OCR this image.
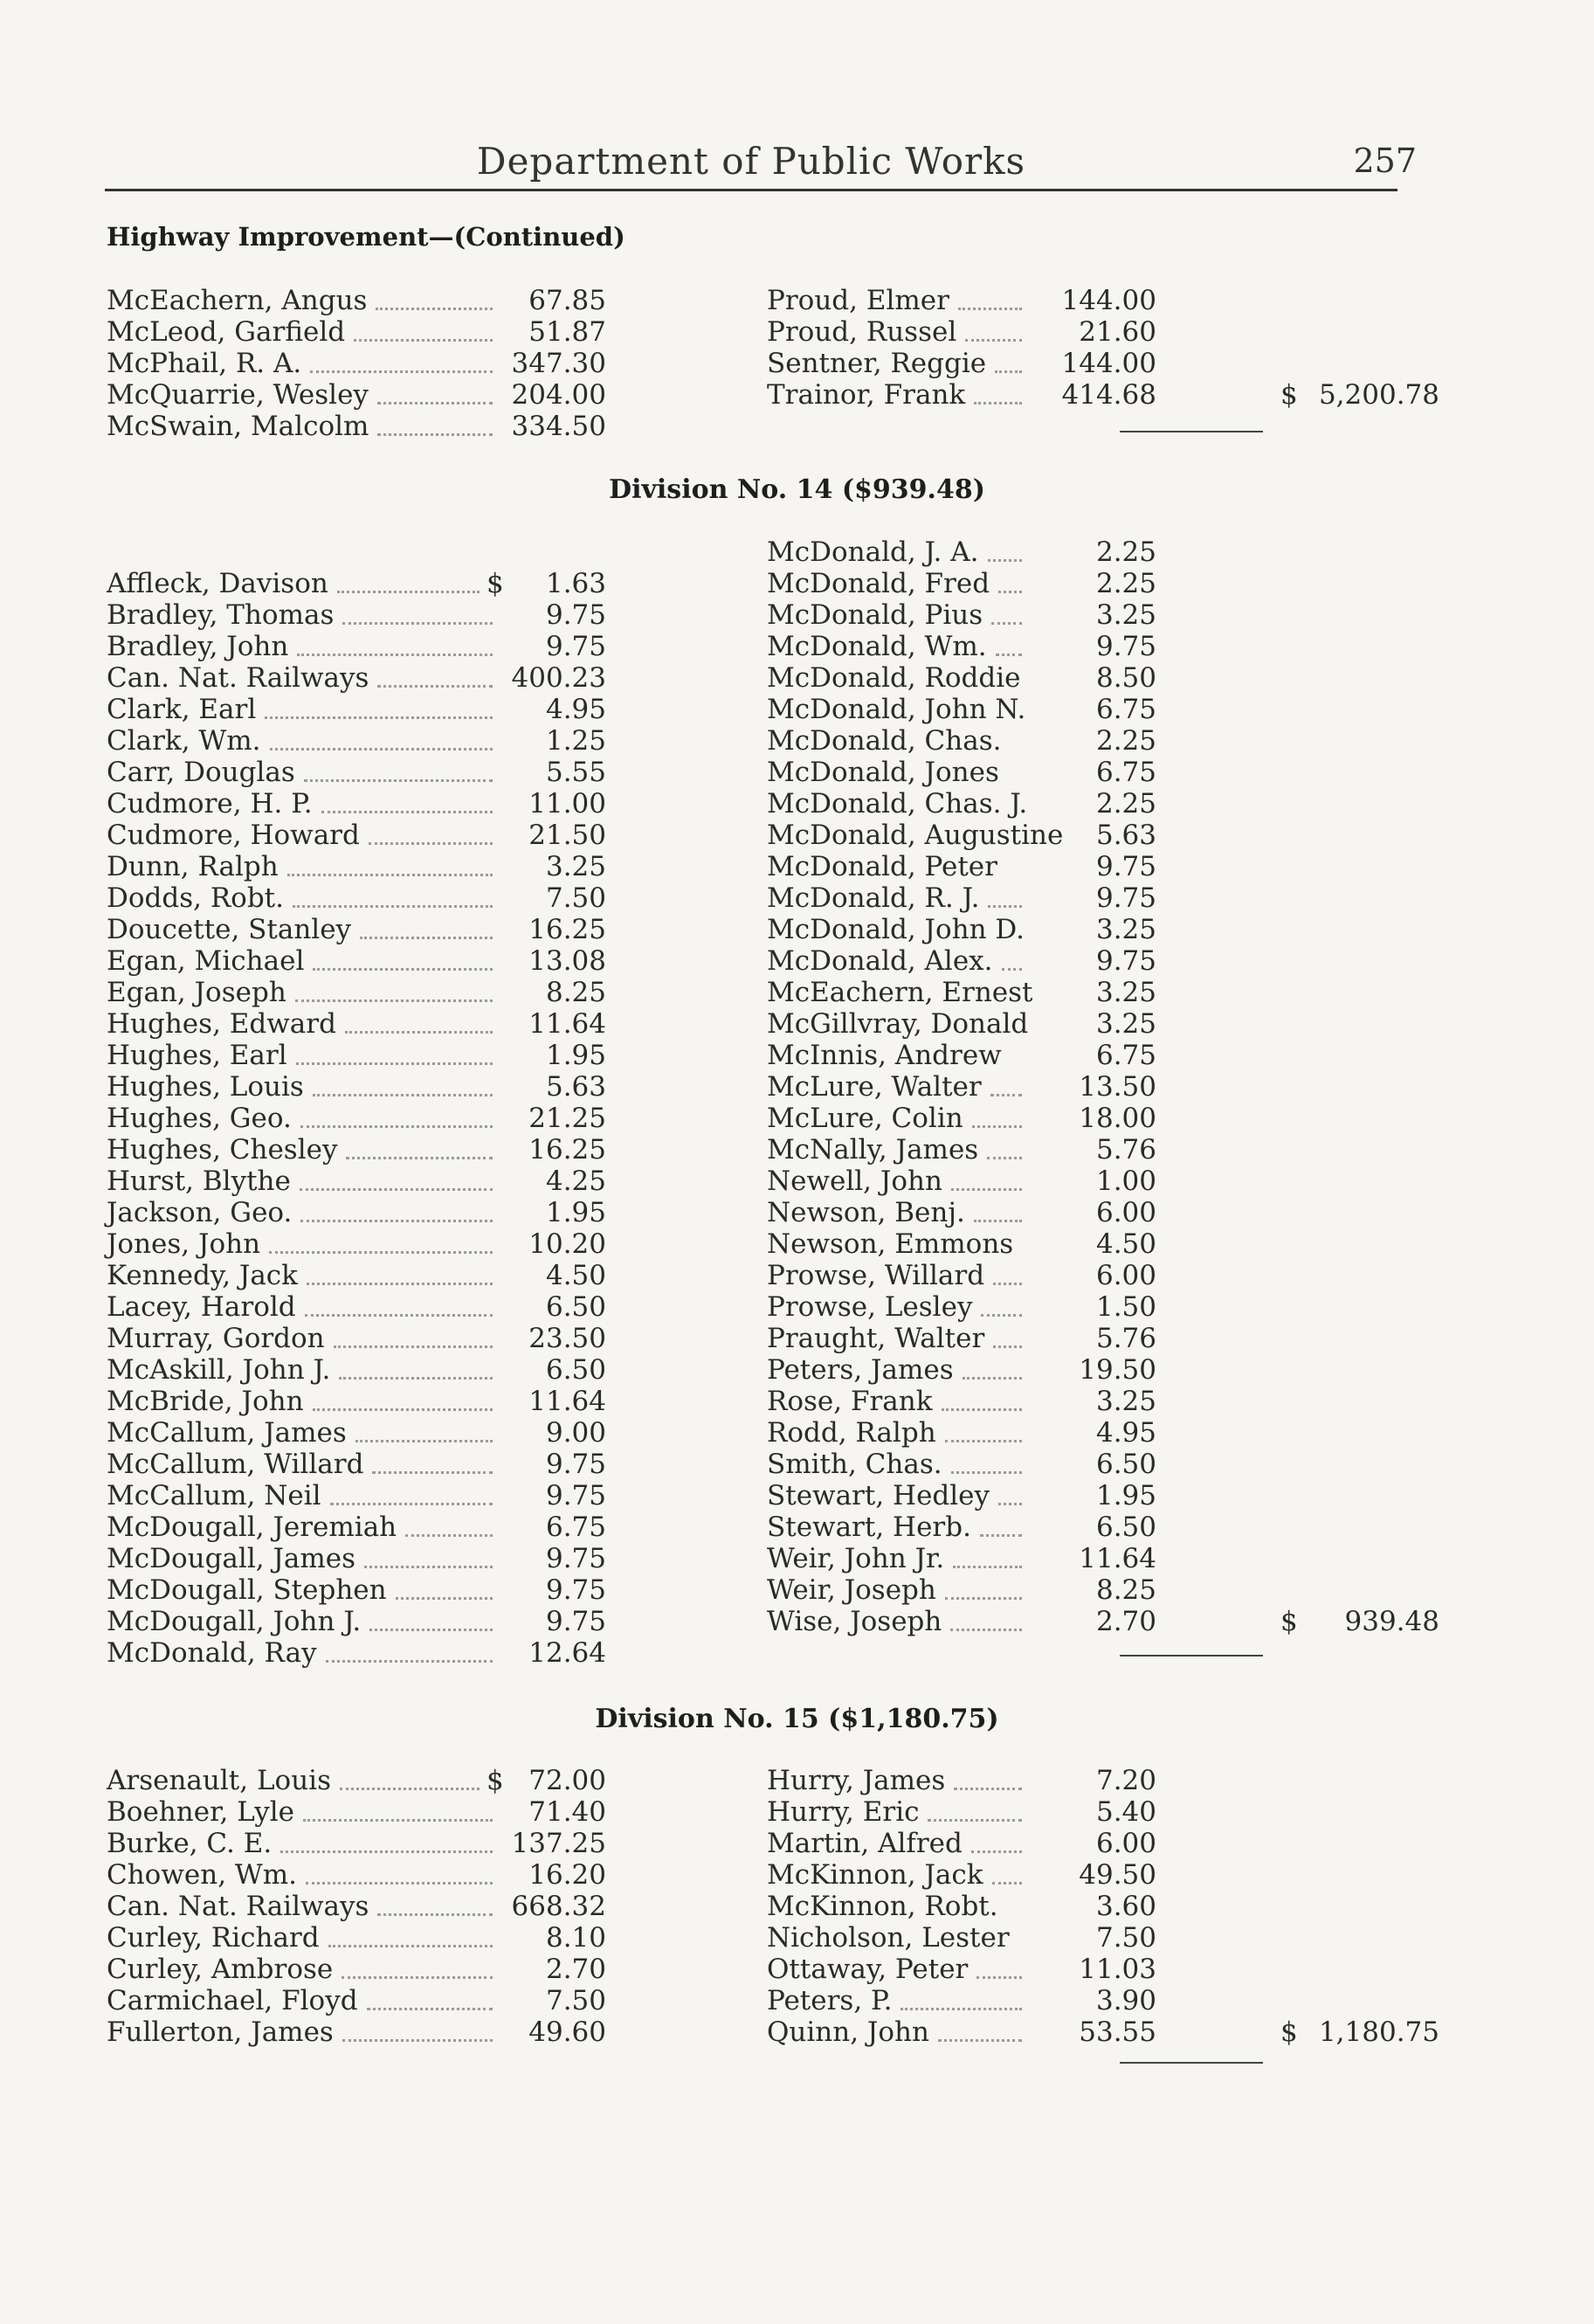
Department of Public Works	257
Highway Improvement—(Continued)
McEachern, Angus	67.85
McLeod, Garfield	51.87
McPhail, R. A.	347.30
McQuarrie, Wesley	204.00
McSwain, Malcolm	334.50
Proud, Elmer	144.00
Proud, Russel	21.60
Sentner, Reggie	144.00
Trainor, Frank	414.68	$ 5,200.78
Division No. 14 ($939.48)
Affleck, Davison	$	1.63
Bradley, Thomas	9.75
Bradley, John	9.75
Can. Nat. Railways	400.23
Clark, Earl	4.95
Clark, Wm.	1.25
Carr, Douglas	5.55
Cudmore, H. P.	11.00
Cudmore, Howard	21.50
Dunn, Ralph	3.25
Dodds, Robt.	7.50
Doucette, Stanley	16.25
Egan, Michael	13.08
Egan, Joseph	8.25
Hughes, Edward	11.64
Hughes, Earl	1.95
Hughes, Louis	5.63
Hughes, Geo.	21.25
Hughes, Chesley	16.25
Hurst, Blythe	4.25
Jackson, Geo.	1.95
Jones, John	10.20
Kennedy, Jack	4.50
Lacey, Harold	6.50
Murray, Gordon	23.50
McAskill, John J.	6.50
McBride, John	11.64
McCallum, James	9.00
McCallum, Willard	9.75
McCallum, Neil	9.75
McDougall, Jeremiah	6.75
McDougall, James	9.75
McDougall, Stephen	9.75
McDougall, John J.	9.75
McDonald, Ray	12.64
McDonald, J. A.	2.25
McDonald, Fred	2.25
McDonald, Pius	3.25
McDonald, Wm.	9.75
McDonald, Roddie	8.50
McDonald, John N.	6.75
McDonald, Chas.	2.25
McDonald, Jones	6.75
McDonald, Chas. J.	2.25
McDonald, Augustine	5.63
McDonald, Peter	9.75
McDonald, R. J.	9.75
McDonald, John D.	3.25
McDonald, Alex.	9.75
McEachern, Ernest	3.25
McGillvray, Donald	3.25
McInnis, Andrew	6.75
McLure, Walter	13.50
McLure, Colin	18.00
McNally, James	5.76
Newell, John	1.00
Newson, Benj.	6.00
Newson, Emmons	4.50
Prowse, Willard	6.00
Prowse, Lesley	1.50
Praught, Walter	5.76
Peters, James	19.50
Rose, Frank	3.25
Rodd, Ralph	4.95
Smith, Chas.	6.50
Stewart, Hedley	1.95
Stewart, Herb.	6.50
Weir, John Jr.	11.64
Weir, Joseph	8.25
Wise, Joseph	2.70	$	939.48
Division No. 15 ($1,180.75)
Arsenault, Louis	$ 72.00
Boehner, Lyle	71.40
Burke, C. E.	137.25
Chowen, Wm.	16.20
Can. Nat. Railways	668.32
Curley, Richard	8.10
Curley, Ambrose	2.70
Carmichael, Floyd	7.50
Fullerton, James	49.60
Hurry, James	7.20
Hurry, Eric	5.40
Martin, Alfred	6.00
McKinnon, Jack	49.50
McKinnon, Robt.	3.60
Nicholson, Lester	7.50
Ottaway, Peter	11.03
Peters, P.	3.90
Quinn, John	53.55	$ 1,180.75
